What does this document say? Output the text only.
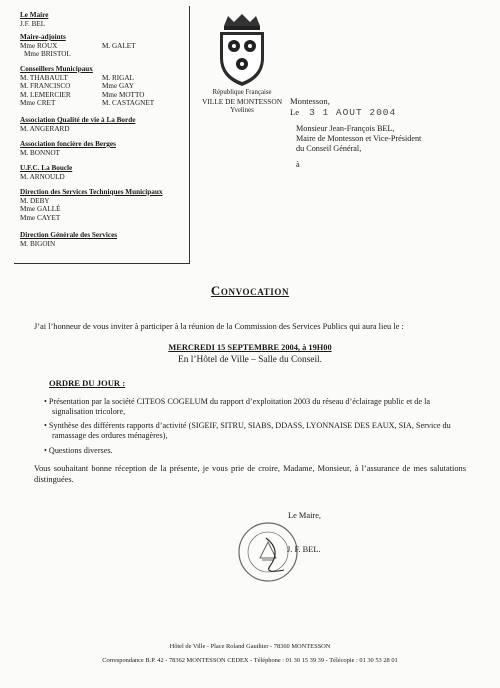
Le Maire
J.F. BEL
Maire-adjoints
Mme ROUX	M. GALET
Mme BRISTOL
Conseillers Municipaux
M. THABAULT	M. RIGAL
M. FRANCISCO	Mme GAY
M. LEMERCIER	Mme MOTTO
Mme CRET	M. CASTAGNET
Association Qualité de vie à La Borde
M. ANGERARD
Association foncière des Berges
M. BONNOT
U.F.C. La Boucle
M. ARNOULD
Direction des Services Techniques Municipaux
M. DEBY
Mme GALLÉ
Mme CAYET
Direction Générale des Services
M. BIGOIN
République Française
VILLE DE MONTESSON
Yvelines
Montesson,
Le 3 1 AOUT 2004
Monsieur Jean-François BEL,
Maire de Montesson et Vice-Président
du Conseil Général,
à
Convocation
J’ai l’honneur de vous inviter à participer à la réunion de la Commission des Services Publics qui aura lieu le :
MERCREDI 15 SEPTEMBRE 2004, à 19H00
En l’Hôtel de Ville – Salle du Conseil.
ORDRE DU JOUR :
• Présentation par la société CITEOS COGELUM du rapport d’exploitation 2003 du réseau d’éclairage public et de la signalisation tricolore,
• Synthèse des différents rapports d’activité (SIGEIF, SITRU, SIABS, DDASS, LYONNAISE DES EAUX, SIA, Service du ramassage des ordures ménagères),
• Questions diverses.
Vous souhaitant bonne réception de la présente, je vous prie de croire, Madame, Monsieur, à l’assurance de mes salutations distinguées.
Le Maire,
J. F. BEL.
Hôtel de Ville - Place Roland Gauthier - 78360 MONTESSON
Correspondance B.P. 42 - 78362 MONTESSON CEDEX - Téléphone : 01 30 15 39 39 - Télécopie : 01 30 53 28 01
